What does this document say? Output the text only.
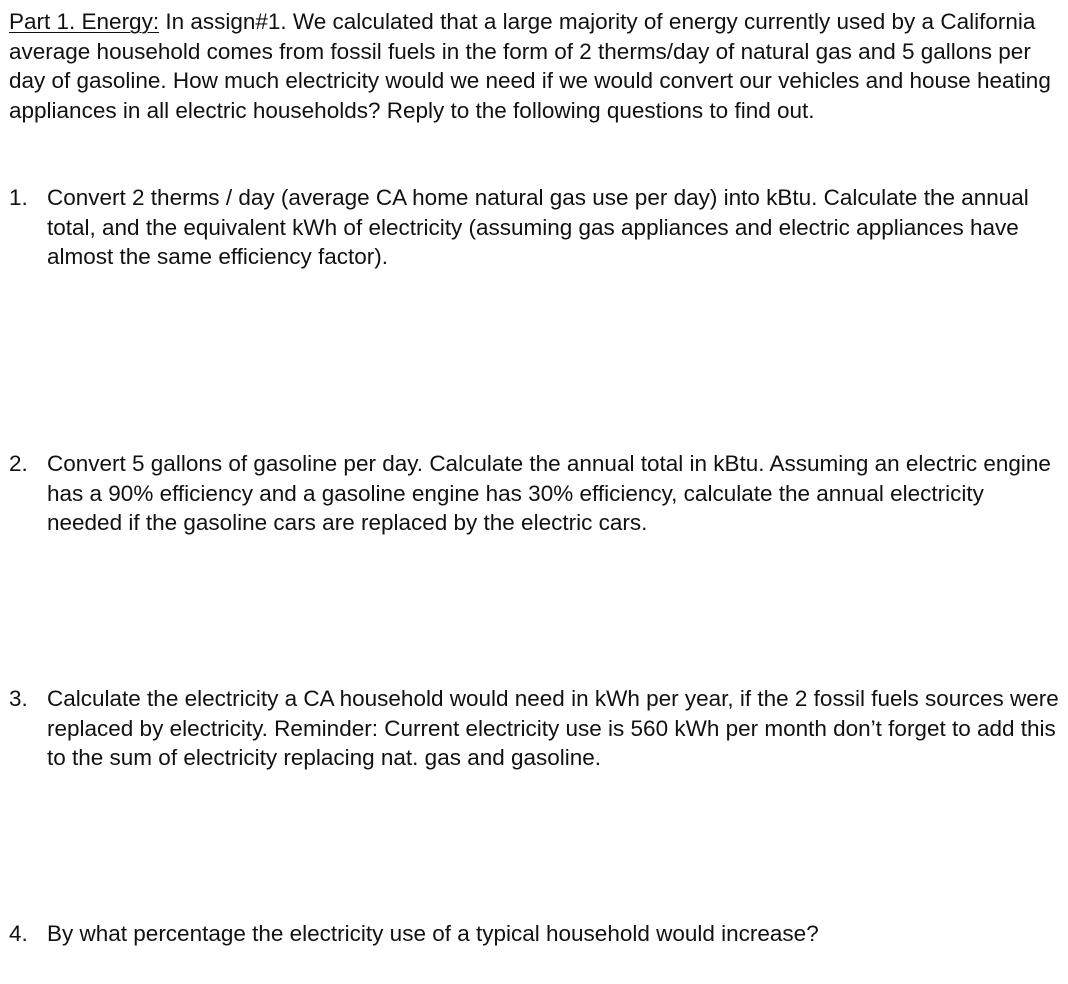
Part 1. Energy: In assign#1. We calculated that a large majority of energy currently used by a California average household comes from fossil fuels in the form of 2 therms/day of natural gas and 5 gallons per day of gasoline. How much electricity would we need if we would convert our vehicles and house heating appliances in all electric households? Reply to the following questions to find out.
1. Convert 2 therms / day (average CA home natural gas use per day) into kBtu. Calculate the annual total, and the equivalent kWh of electricity (assuming gas appliances and electric appliances have almost the same efficiency factor).
2. Convert 5 gallons of gasoline per day. Calculate the annual total in kBtu. Assuming an electric engine has a 90% efficiency and a gasoline engine has 30% efficiency, calculate the annual electricity needed if the gasoline cars are replaced by the electric cars.
3. Calculate the electricity a CA household would need in kWh per year, if the 2 fossil fuels sources were replaced by electricity. Reminder: Current electricity use is 560 kWh per month don’t forget to add this to the sum of electricity replacing nat. gas and gasoline.
4. By what percentage the electricity use of a typical household would increase?
